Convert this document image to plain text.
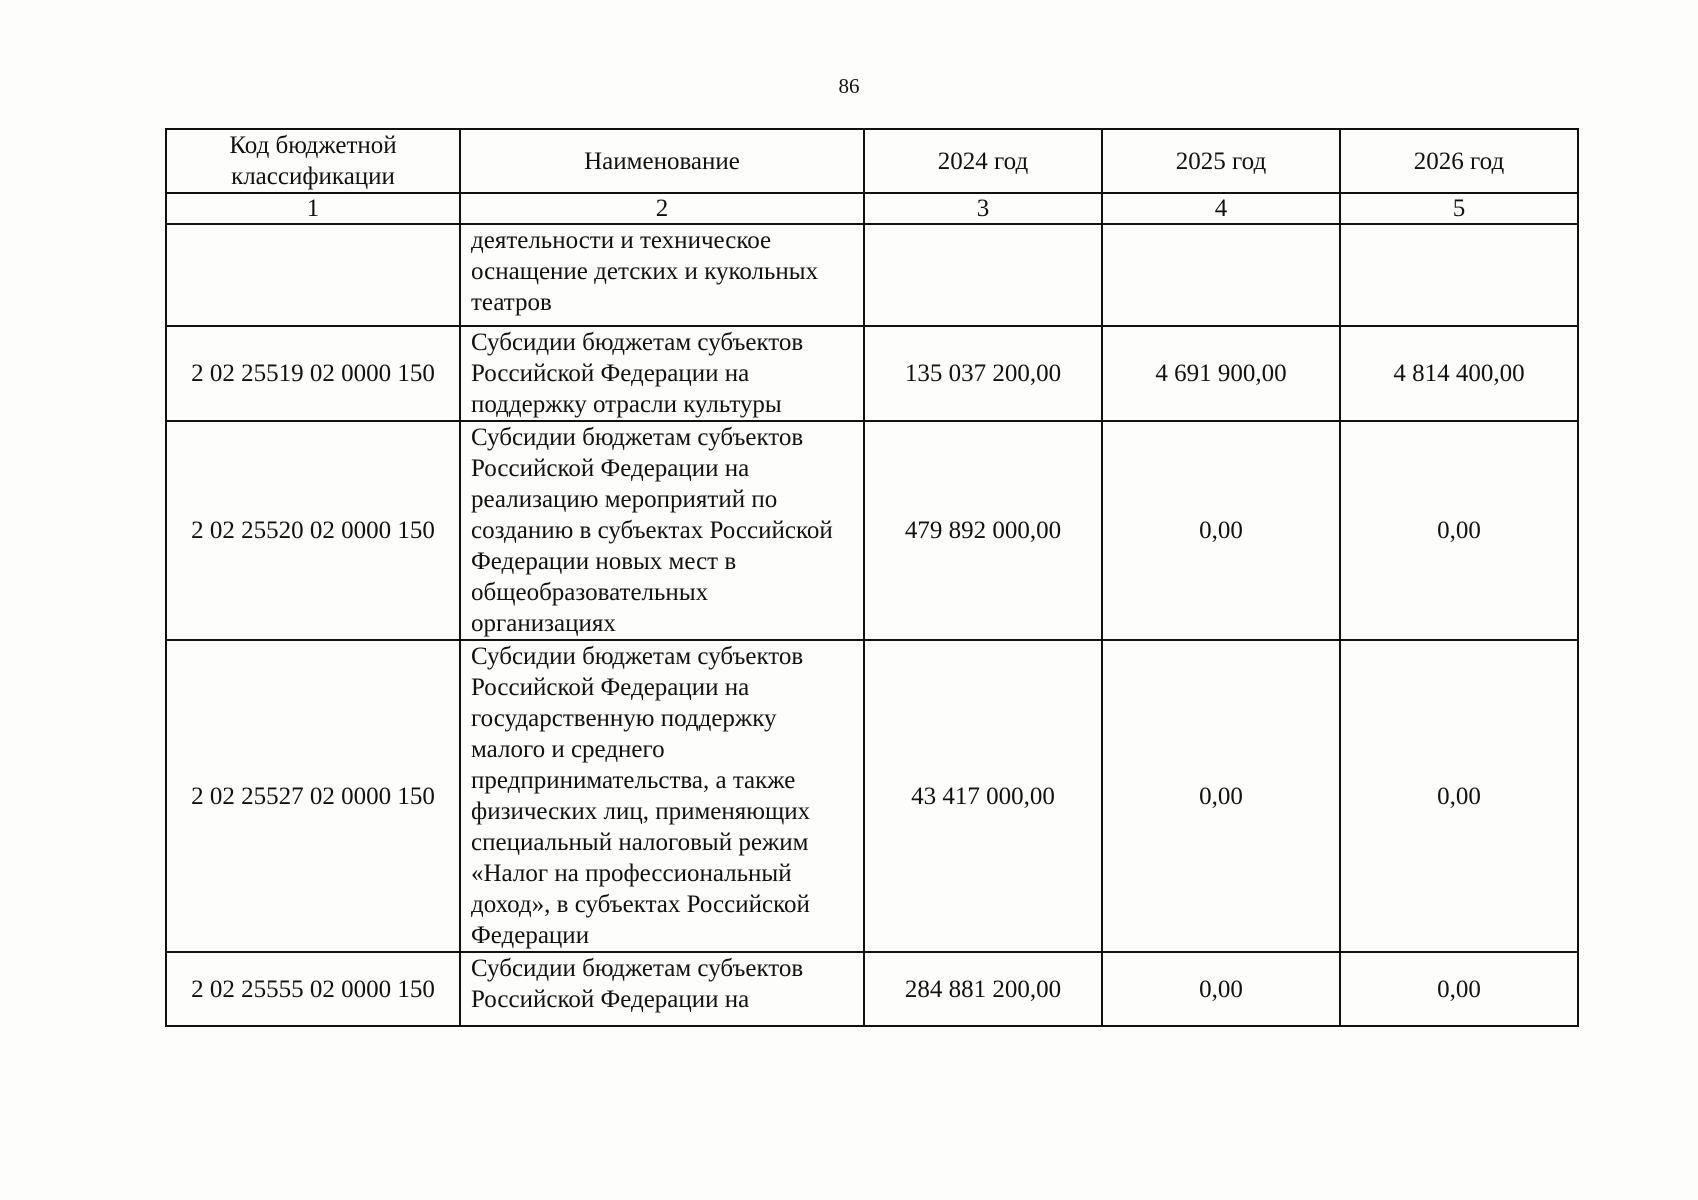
86
Код бюджетной классификации	Наименование	2024 год	2025 год	2026 год
1	2	3	4	5
	деятельности и техническое оснащение детских и кукольных театров			
2 02 25519 02 0000 150	Субсидии бюджетам субъектов Российской Федерации на поддержку отрасли культуры	135 037 200,00	4 691 900,00	4 814 400,00
2 02 25520 02 0000 150	Субсидии бюджетам субъектов Российской Федерации на реализацию мероприятий по созданию в субъектах Российской Федерации новых мест в общеобразовательных организациях	479 892 000,00	0,00	0,00
2 02 25527 02 0000 150	Субсидии бюджетам субъектов Российской Федерации на государственную поддержку малого и среднего предпринимательства, а также физических лиц, применяющих специальный налоговый режим «Налог на профессиональный доход», в субъектах Российской Федерации	43 417 000,00	0,00	0,00
2 02 25555 02 0000 150	Субсидии бюджетам субъектов Российской Федерации на	284 881 200,00	0,00	0,00
